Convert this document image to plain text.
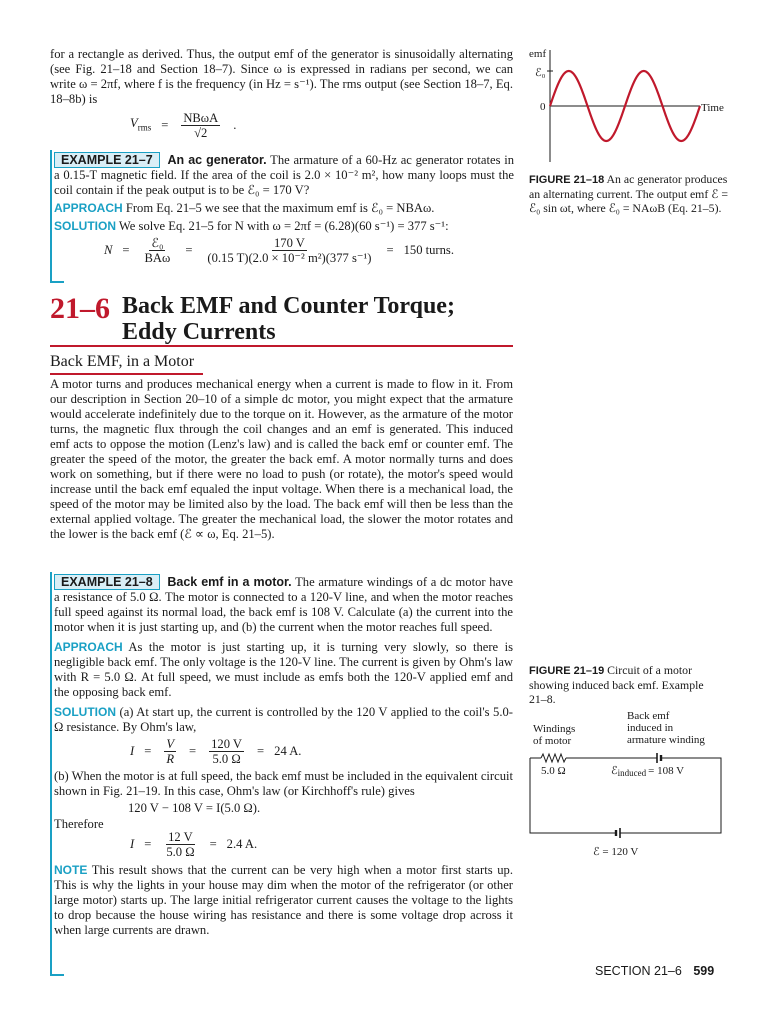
for a rectangle as derived. Thus, the output emf of the generator is sinusoidally alternating (see Fig. 21–18 and Section 18–7). Since ω is expressed in radians per second, we can write ω = 2πf, where f is the frequency (in Hz = s⁻¹). The rms output (see Section 18–7, Eq. 18–8b) is

$V_{rms} = \frac{\text{NBωA}}{√2}$ .

EXAMPLE 21–7 An ac generator. The armature of a 60-Hz ac generator rotates in a 0.15-T magnetic field. If the area of the coil is 2.0 × 10⁻² m², how many loops must the coil contain if the peak output is to be ℰ₀ = 170 V?

APPROACH From Eq. 21–5 we see that the maximum emf is ℰ₀ = NBAω.

SOLUTION We solve Eq. 21–5 for N with ω = 2πf = (6.28)(60 s⁻¹) = 377 s⁻¹:

$N = \frac{\text{ℰ₀}}{\text{BAω}} = \frac{170 V}{\text{(0.15 T)(2.0 × 10⁻² m²)(377 s⁻¹)}} = 150$ turns.
21–6 Back EMF and Counter Torque;
Eddy Currents
Back EMF, in a Motor

A motor turns and produces mechanical energy when a current is made to flow in it. From our description in Section 20–10 of a simple dc motor, you might expect that the armature would accelerate indefinitely due to the torque on it. However, as the armature of the motor turns, the magnetic flux through the coil changes and an emf is generated. This induced emf acts to oppose the motion (Lenz's law) and is called the back emf or counter emf. The greater the speed of the motor, the greater the back emf. A motor normally turns and does work on something, but if there were no load to push (or rotate), the motor's speed would increase until the back emf equaled the input voltage. When there is a mechanical load, the speed of the motor may be limited also by the load. The back emf will then be less than the external applied voltage. The greater the mechanical load, the slower the motor rotates and the lower is the back emf (ℰ ∝ ω, Eq. 21–5).

EXAMPLE 21–8 Back emf in a motor. The armature windings of a dc motor have a resistance of 5.0 Ω. The motor is connected to a 120-V line, and when the motor reaches full speed against its normal load, the back emf is 108 V. Calculate (a) the current into the motor when it is just starting up, and (b) the current when the motor reaches full speed.

APPROACH As the motor is just starting up, it is turning very slowly, so there is negligible back emf. The only voltage is the 120-V line. The current is given by Ohm's law with R = 5.0 Ω. At full speed, we must include as emfs both the 120-V applied emf and the opposing back emf.

SOLUTION (a) At start up, the current is controlled by the 120 V applied to the coil's 5.0-Ω resistance. By Ohm's law,

$I = \frac{V}{R} = \frac{120 V}{5.0 \Omega} = 24$ A.

(b) When the motor is at full speed, the back emf must be included in the equivalent circuit shown in Fig. 21–19. In this case, Ohm's law (or Kirchhoff's rule) gives

120 V − 108 V = I(5.0 Ω).
Therefore
$I = \frac{12 V}{5.0 \Omega} = 2.4$ A.

NOTE This result shows that the current can be very high when a motor first starts up. This is why the lights in your house may dim when the motor of the refrigerator (or other large motor) starts up. The large initial refrigerator current causes the voltage to the lights to drop because the house wiring has resistance and there is some voltage drop across it when large currents are drawn.

emf
ℰ₀
0	Time
FIGURE 21–18 An ac generator produces an alternating current. The output emf ℰ = ℰ₀ sin ωt, where ℰ₀ = NAωB (Eq. 21–5).
FIGURE 21–19 Circuit of a motor showing induced back emf. Example 21–8.
Windings
of motor
Back emf
induced in
armature winding
5.0 Ω	ℰinduced = 108 V
ℰ = 120 V
SECTION 21–6 599
